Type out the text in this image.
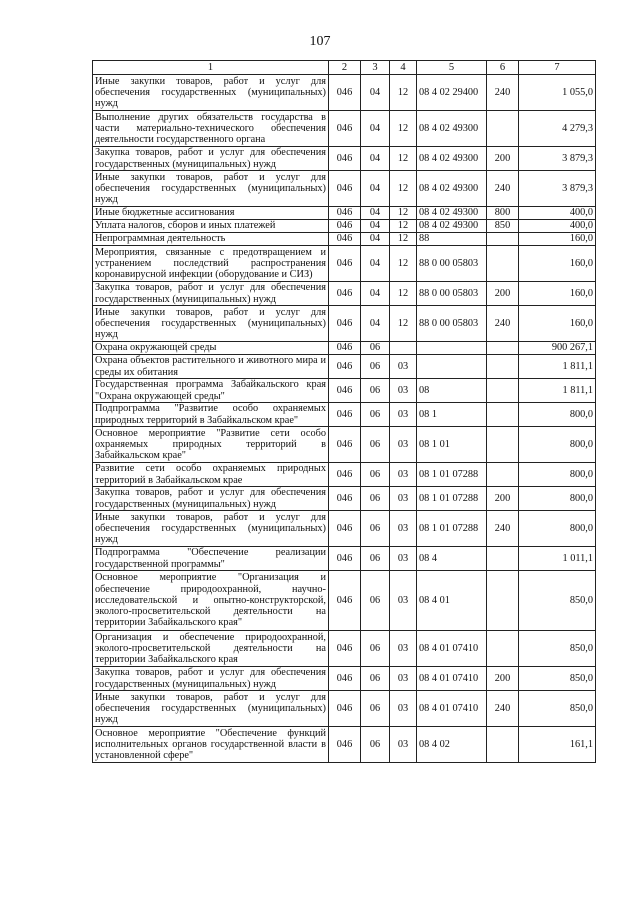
107
1	2	3	4	5	6	7
Иные закупки товаров, работ и услуг для обеспечения государственных (муниципальных) нужд	046	04	12	08 4 02 29400	240	1 055,0
Выполнение других обязательств государства в части материально-технического обеспечения деятельности государственного органа	046	04	12	08 4 02 49300		4 279,3
Закупка товаров, работ и услуг для обеспечения государственных (муниципальных) нужд	046	04	12	08 4 02 49300	200	3 879,3
Иные закупки товаров, работ и услуг для обеспечения государственных (муниципальных) нужд	046	04	12	08 4 02 49300	240	3 879,3
Иные бюджетные ассигнования	046	04	12	08 4 02 49300	800	400,0
Уплата налогов, сборов и иных платежей	046	04	12	08 4 02 49300	850	400,0
Непрограммная деятельность	046	04	12	88		160,0
Мероприятия, связанные с предотвращением и устранением последствий распространения коронавирусной инфекции (оборудование и СИЗ)	046	04	12	88 0 00 05803		160,0
Закупка товаров, работ и услуг для обеспечения государственных (муниципальных) нужд	046	04	12	88 0 00 05803	200	160,0
Иные закупки товаров, работ и услуг для обеспечения государственных (муниципальных) нужд	046	04	12	88 0 00 05803	240	160,0
Охрана окружающей среды	046	06				900 267,1
Охрана объектов растительного и животного мира и среды их обитания	046	06	03			1 811,1
Государственная программа Забайкальского края "Охрана окружающей среды"	046	06	03	08		1 811,1
Подпрограмма "Развитие особо охраняемых природных территорий в Забайкальском крае"	046	06	03	08 1		800,0
Основное мероприятие "Развитие сети особо охраняемых природных территорий в Забайкальском крае"	046	06	03	08 1 01		800,0
Развитие сети особо охраняемых природных территорий в Забайкальском крае	046	06	03	08 1 01 07288		800,0
Закупка товаров, работ и услуг для обеспечения государственных (муниципальных) нужд	046	06	03	08 1 01 07288	200	800,0
Иные закупки товаров, работ и услуг для обеспечения государственных (муниципальных) нужд	046	06	03	08 1 01 07288	240	800,0
Подпрограмма "Обеспечение реализации государственной программы"	046	06	03	08 4		1 011,1
Основное мероприятие "Организация и обеспечение природоохранной, научно-исследовательской и опытно-конструкторской, эколого-просветительской деятельности на территории Забайкальского края"	046	06	03	08 4 01		850,0
Организация и обеспечение природоохранной, эколого-просветительской деятельности на территории Забайкальского края	046	06	03	08 4 01 07410		850,0
Закупка товаров, работ и услуг для обеспечения государственных (муниципальных) нужд	046	06	03	08 4 01 07410	200	850,0
Иные закупки товаров, работ и услуг для обеспечения государственных (муниципальных) нужд	046	06	03	08 4 01 07410	240	850,0
Основное мероприятие "Обеспечение функций исполнительных органов государственной власти в установленной сфере"	046	06	03	08 4 02		161,1
